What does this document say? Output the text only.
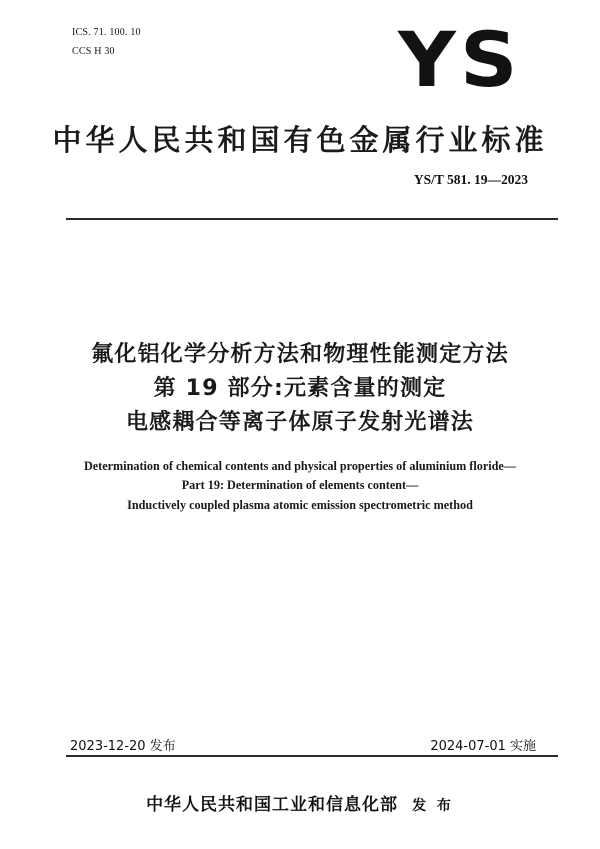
ICS. 71. 100. 10
CCS H 30	YS
中华人民共和国有色金属行业标准
YS/T 581. 19—2023
氟化铝化学分析方法和物理性能测定方法
第 19 部分:元素含量的测定
电感耦合等离子体原子发射光谱法
Determination of chemical contents and physical properties of aluminium floride—
Part 19: Determination of elements content—
Inductively coupled plasma atomic emission spectrometric method
2023-12-20 发布	2024-07-01 实施
中华人民共和国工业和信息化部 发 布
